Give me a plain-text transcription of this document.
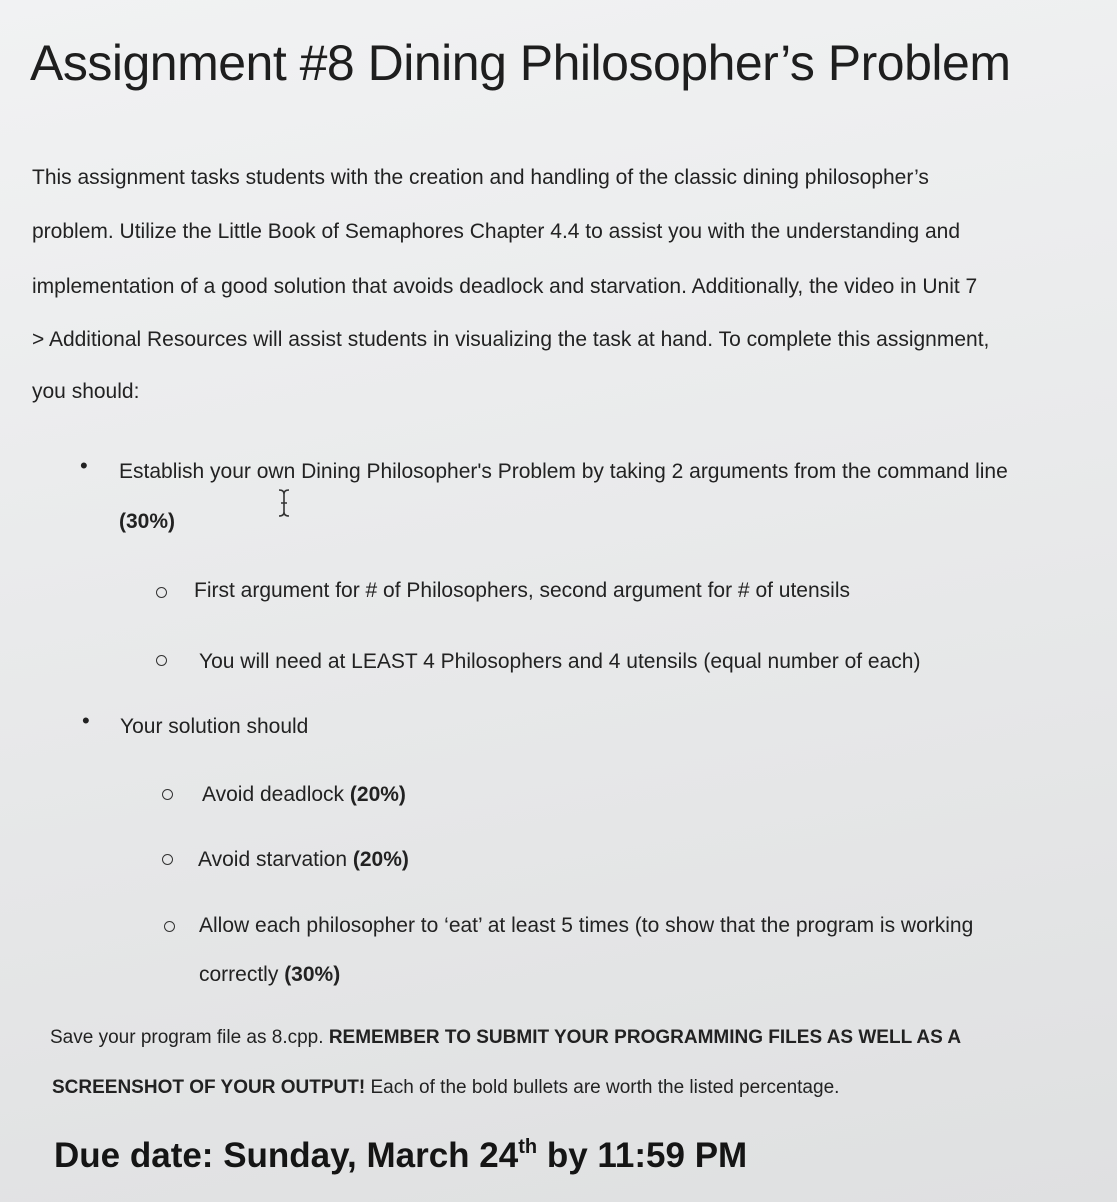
Assignment #8 Dining Philosopher’s Problem
This assignment tasks students with the creation and handling of the classic dining philosopher’s
problem. Utilize the Little Book of Semaphores Chapter 4.4 to assist you with the understanding and
implementation of a good solution that avoids deadlock and starvation. Additionally, the video in Unit 7
> Additional Resources will assist students in visualizing the task at hand. To complete this assignment,
you should:
• Establish your own Dining Philosopher's Problem by taking 2 arguments from the command line
(30%)
First argument for # of Philosophers, second argument for # of utensils
You will need at LEAST 4 Philosophers and 4 utensils (equal number of each)
• Your solution should
Avoid deadlock (20%)
Avoid starvation (20%)
Allow each philosopher to ‘eat’ at least 5 times (to show that the program is working
correctly (30%)
Save your program file as 8.cpp. REMEMBER TO SUBMIT YOUR PROGRAMMING FILES AS WELL AS A
SCREENSHOT OF YOUR OUTPUT! Each of the bold bullets are worth the listed percentage.
Due date: Sunday, March 24th by 11:59 PM
